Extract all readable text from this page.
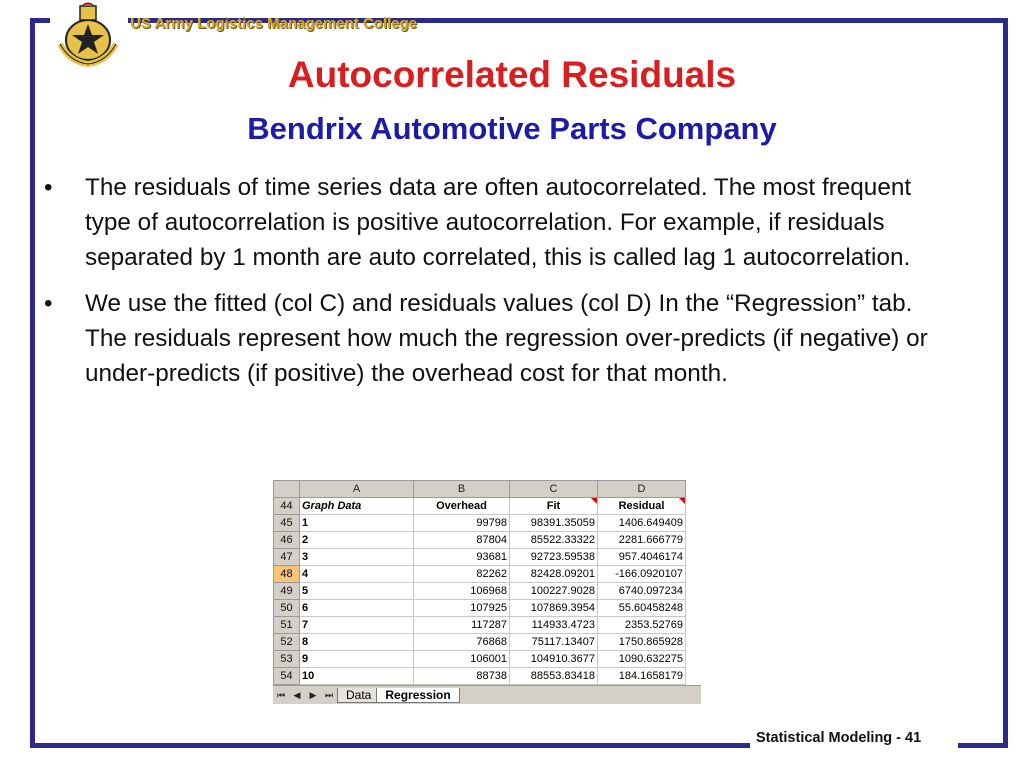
US Army Logistics Management College
Autocorrelated Residuals
Bendrix Automotive Parts Company
• The residuals of time series data are often autocorrelated. The most frequent type of autocorrelation is positive autocorrelation. For example, if residuals separated by 1 month are auto correlated, this is called lag 1 autocorrelation.
• We use the fitted (col C) and residuals values (col D) In the “Regression” tab. The residuals represent how much the regression over-predicts (if negative) or under-predicts (if positive) the overhead cost for that month.
	A	B	C	D
44	Graph Data	Overhead	Fit	Residual
45	1	99798	98391.35059	1406.649409
46	2	87804	85522.33322	2281.666779
47	3	93681	92723.59538	957.4046174
48	4	82262	82428.09201	-166.0920107
49	5	106968	100227.9028	6740.097234
50	6	107925	107869.3954	55.60458248
51	7	117287	114933.4723	2353.52769
52	8	76868	75117.13407	1750.865928
53	9	106001	104910.3677	1090.632275
54	10	88738	88553.83418	184.1658179
⏮ ◀	▶ ⏭	Data	Regression
Statistical Modeling - 41
